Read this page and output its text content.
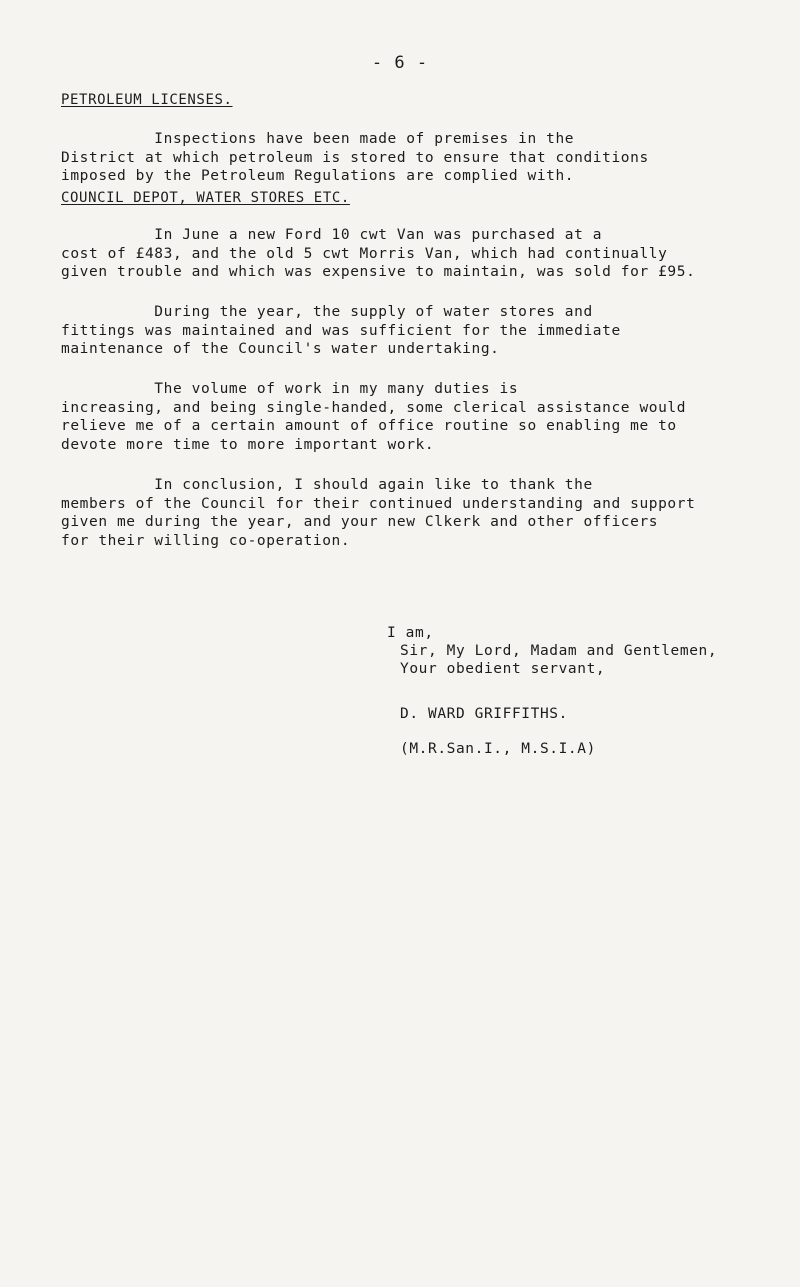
- 6 -
PETROLEUM LICENSES.

Inspections have been made of premises in the

District at which petroleum is stored to ensure that conditions

imposed by the Petroleum Regulations are complied with.

COUNCIL DEPOT, WATER STORES ETC.

In June a new Ford 10 cwt Van was purchased at a

cost of £483, and the old 5 cwt Morris Van, which had continually

given trouble and which was expensive to maintain, was sold for £95.

During the year, the supply of water stores and

fittings was maintained and was sufficient for the immediate

maintenance of the Council's water undertaking.

The volume of work in my many duties is

increasing, and being single-handed, some clerical assistance would

relieve me of a certain amount of office routine so enabling me to

devote more time to more important work.

In conclusion, I should again like to thank the

members of the Council for their continued understanding and support

given me during the year, and your new Clkerk and other officers

for their willing co-operation.

I am,
Sir, My Lord, Madam and Gentlemen,
Your obedient servant,
D. WARD GRIFFITHS.
(M.R.San.I., M.S.I.A)
